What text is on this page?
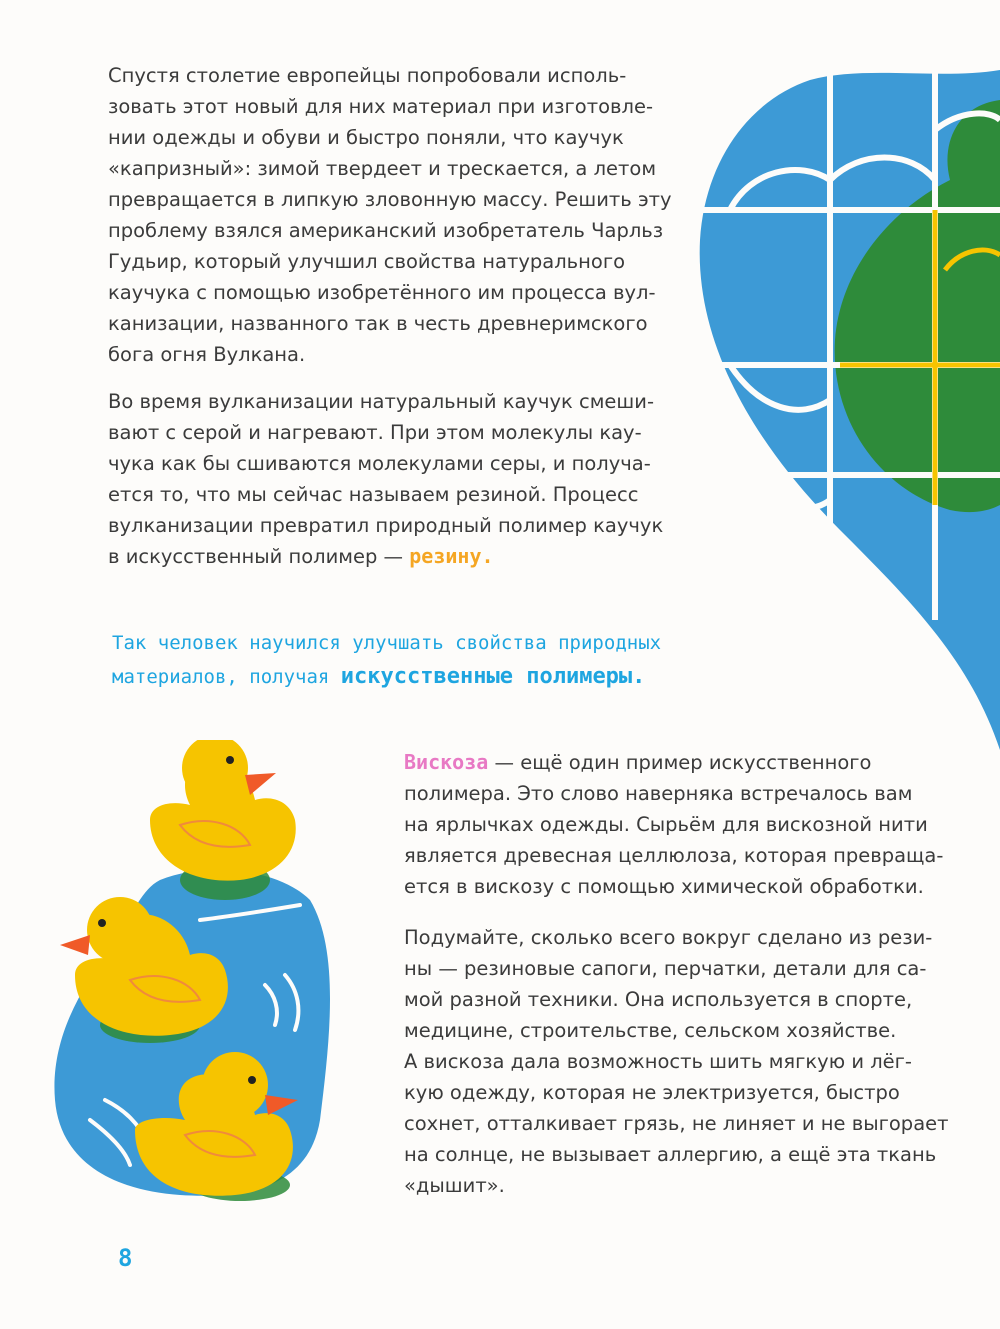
Спустя столетие европейцы попробовали исполь-
зовать этот новый для них материал при изготовле-
нии одежды и обуви и быстро поняли, что каучук
«капризный»: зимой твердеет и трескается, а летом
превращается в липкую зловонную массу. Решить эту
проблему взялся американский изобретатель Чарльз
Гудьир, который улучшил свойства натурального
каучука с помощью изобретённого им процесса вул-
канизации, названного так в честь древнеримского
бога огня Вулкана.

Во время вулканизации натуральный каучук смеши-
вают с серой и нагревают. При этом молекулы кау-
чука как бы сшиваются молекулами серы, и получа-
ется то, что мы сейчас называем резиной. Процесс
вулканизации превратил природный полимер каучук
в искусственный полимер — резину.

Так человек научился улучшать свойства природных
материалов, получая искусственные полимеры.

Вискоза — ещё один пример искусственного
полимера. Это слово наверняка встречалось вам
на ярлычках одежды. Сырьём для вискозной нити
является древесная целлюлоза, которая превраща-
ется в вискозу с помощью химической обработки.

Подумайте, сколько всего вокруг сделано из рези-
ны — резиновые сапоги, перчатки, детали для са-
мой разной техники. Она используется в спорте,
медицине, строительстве, сельском хозяйстве.
А вискоза дала возможность шить мягкую и лёг-
кую одежду, которая не электризуется, быстро
сохнет, отталкивает грязь, не линяет и не выгорает
на солнце, не вызывает аллергию, а ещё эта ткань
«дышит».

8
